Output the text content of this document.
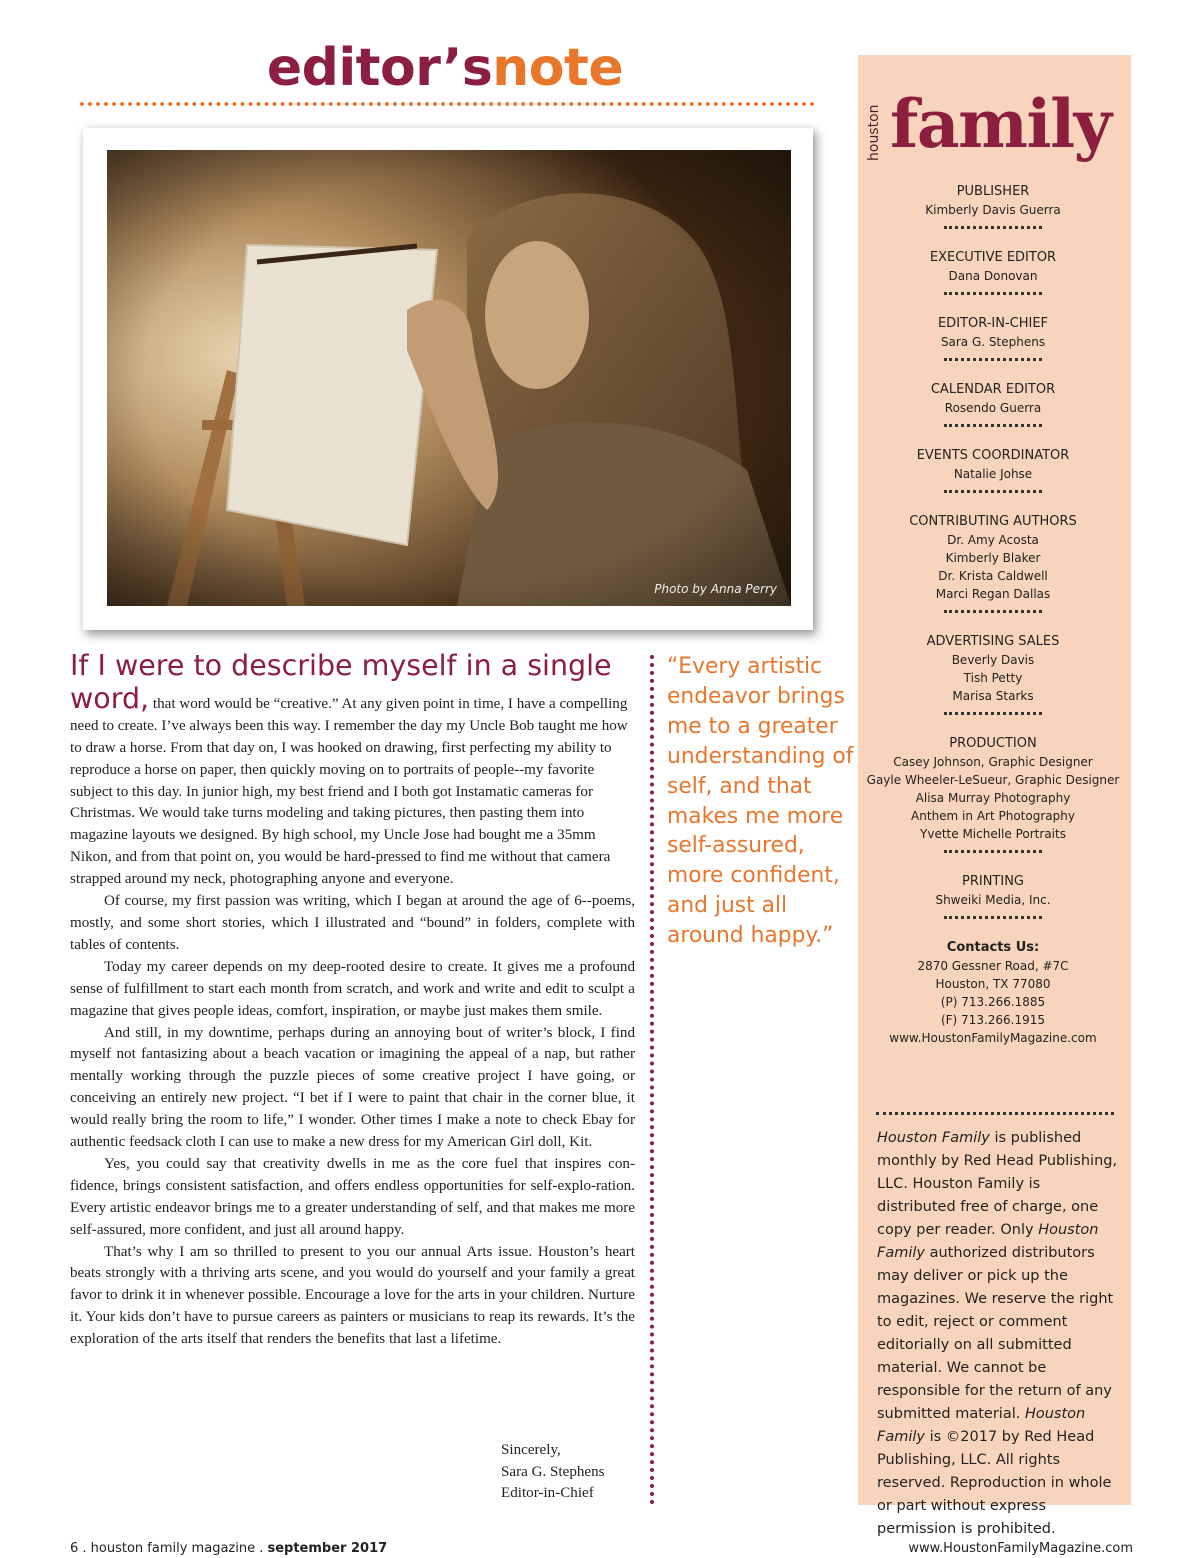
editor’snote
Photo by Anna Perry

If I were to describe myself in a single word, that word would be “creative.” At any given point in time, I have a compelling need to create. I’ve always been this way. I remember the day my Uncle Bob taught me how to draw a horse. From that day on, I was hooked on drawing, first perfecting my ability to reproduce a horse on paper, then quickly moving on to portraits of people--my favorite subject to this day. In junior high, my best friend and I both got Instamatic cameras for Christmas. We would take turns modeling and taking pictures, then pasting them into magazine layouts we designed. By high school, my Uncle Jose had bought me a 35mm Nikon, and from that point on, you would be hard-pressed to find me without that camera strapped around my neck, photographing anyone and everyone.

Of course, my first passion was writing, which I began at around the age of 6--poems, mostly, and some short stories, which I illustrated and “bound” in folders, complete with tables of contents.

Today my career depends on my deep-rooted desire to create. It gives me a profound sense of fulfillment to start each month from scratch, and work and write and edit to sculpt a magazine that gives people ideas, comfort, inspiration, or maybe just makes them smile.

And still, in my downtime, perhaps during an annoying bout of writer’s block, I find myself not fantasizing about a beach vacation or imagining the appeal of a nap, but rather mentally working through the puzzle pieces of some creative project I have going, or conceiving an entirely new project. “I bet if I were to paint that chair in the corner blue, it would really bring the room to life,” I wonder. Other times I make a note to check Ebay for authentic feedsack cloth I can use to make a new dress for my American Girl doll, Kit.

Yes, you could say that creativity dwells in me as the core fuel that inspires con-fidence, brings consistent satisfaction, and offers endless opportunities for self-explo-ration. Every artistic endeavor brings me to a greater understanding of self, and that makes me more self-assured, more confident, and just all around happy.

That’s why I am so thrilled to present to you our annual Arts issue. Houston’s heart beats strongly with a thriving arts scene, and you would do yourself and your family a great favor to drink it in whenever possible. Encourage a love for the arts in your children. Nurture it. Your kids don’t have to pursue careers as painters or musicians to reap its rewards. It’s the exploration of the arts itself that renders the benefits that last a lifetime.

Sincerely,
Sara G. Stephens
Editor-in-Chief
“Every artistic endeavor brings me to a greater understanding of self, and that makes me more self-assured, more confident, and just all around happy.”
houston family
PUBLISHER
Kimberly Davis Guerra
EXECUTIVE EDITOR
Dana Donovan
EDITOR-IN-CHIEF
Sara G. Stephens
CALENDAR EDITOR
Rosendo Guerra
EVENTS COORDINATOR
Natalie Johse
CONTRIBUTING AUTHORS
Dr. Amy Acosta
Kimberly Blaker
Dr. Krista Caldwell
Marci Regan Dallas
ADVERTISING SALES
Beverly Davis
Tish Petty
Marisa Starks
PRODUCTION
Casey Johnson, Graphic Designer
Gayle Wheeler-LeSueur, Graphic Designer
Alisa Murray Photography
Anthem in Art Photography
Yvette Michelle Portraits
PRINTING
Shweiki Media, Inc.
Contacts Us:
2870 Gessner Road, #7C
Houston, TX 77080
(P) 713.266.1885
(F) 713.266.1915
www.HoustonFamilyMagazine.com
Houston Family is published monthly by Red Head Publishing, LLC. Houston Family is distributed free of charge, one copy per reader. Only Houston Family authorized distributors may deliver or pick up the magazines. We reserve the right to edit, reject or comment editorially on all submitted material. We cannot be responsible for the return of any submitted material. Houston Family is ©2017 by Red Head Publishing, LLC. All rights reserved. Reproduction in whole or part without express permission is prohibited.
6 . houston family magazine . september 2017	www.HoustonFamilyMagazine.com
